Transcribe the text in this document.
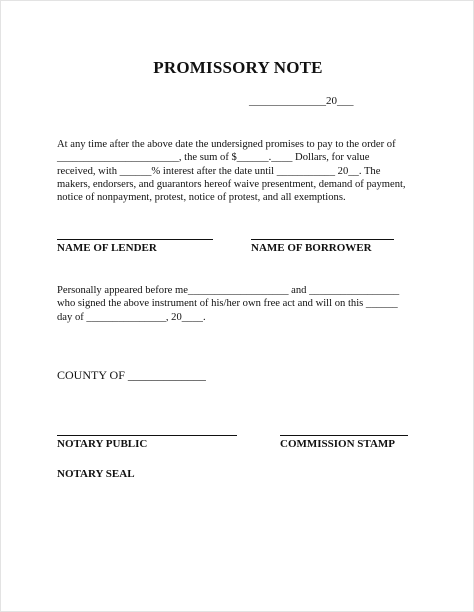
PROMISSORY NOTE
______________20___
At any time after the above date the undersigned promises to pay to the order of
_______________________, the sum of $______.____ Dollars, for value
received, with ______% interest after the date until ___________ 20__. The
makers, endorsers, and guarantors hereof waive presentment, demand of payment,
notice of nonpayment, protest, notice of protest, and all exemptions.
NAME OF LENDER	NAME OF BORROWER
Personally appeared before me___________________ and _________________
who signed the above instrument of his/her own free act and will on this ______
day of _______________, 20____.
COUNTY OF _____________
NOTARY PUBLIC	COMMISSION STAMP
NOTARY SEAL
